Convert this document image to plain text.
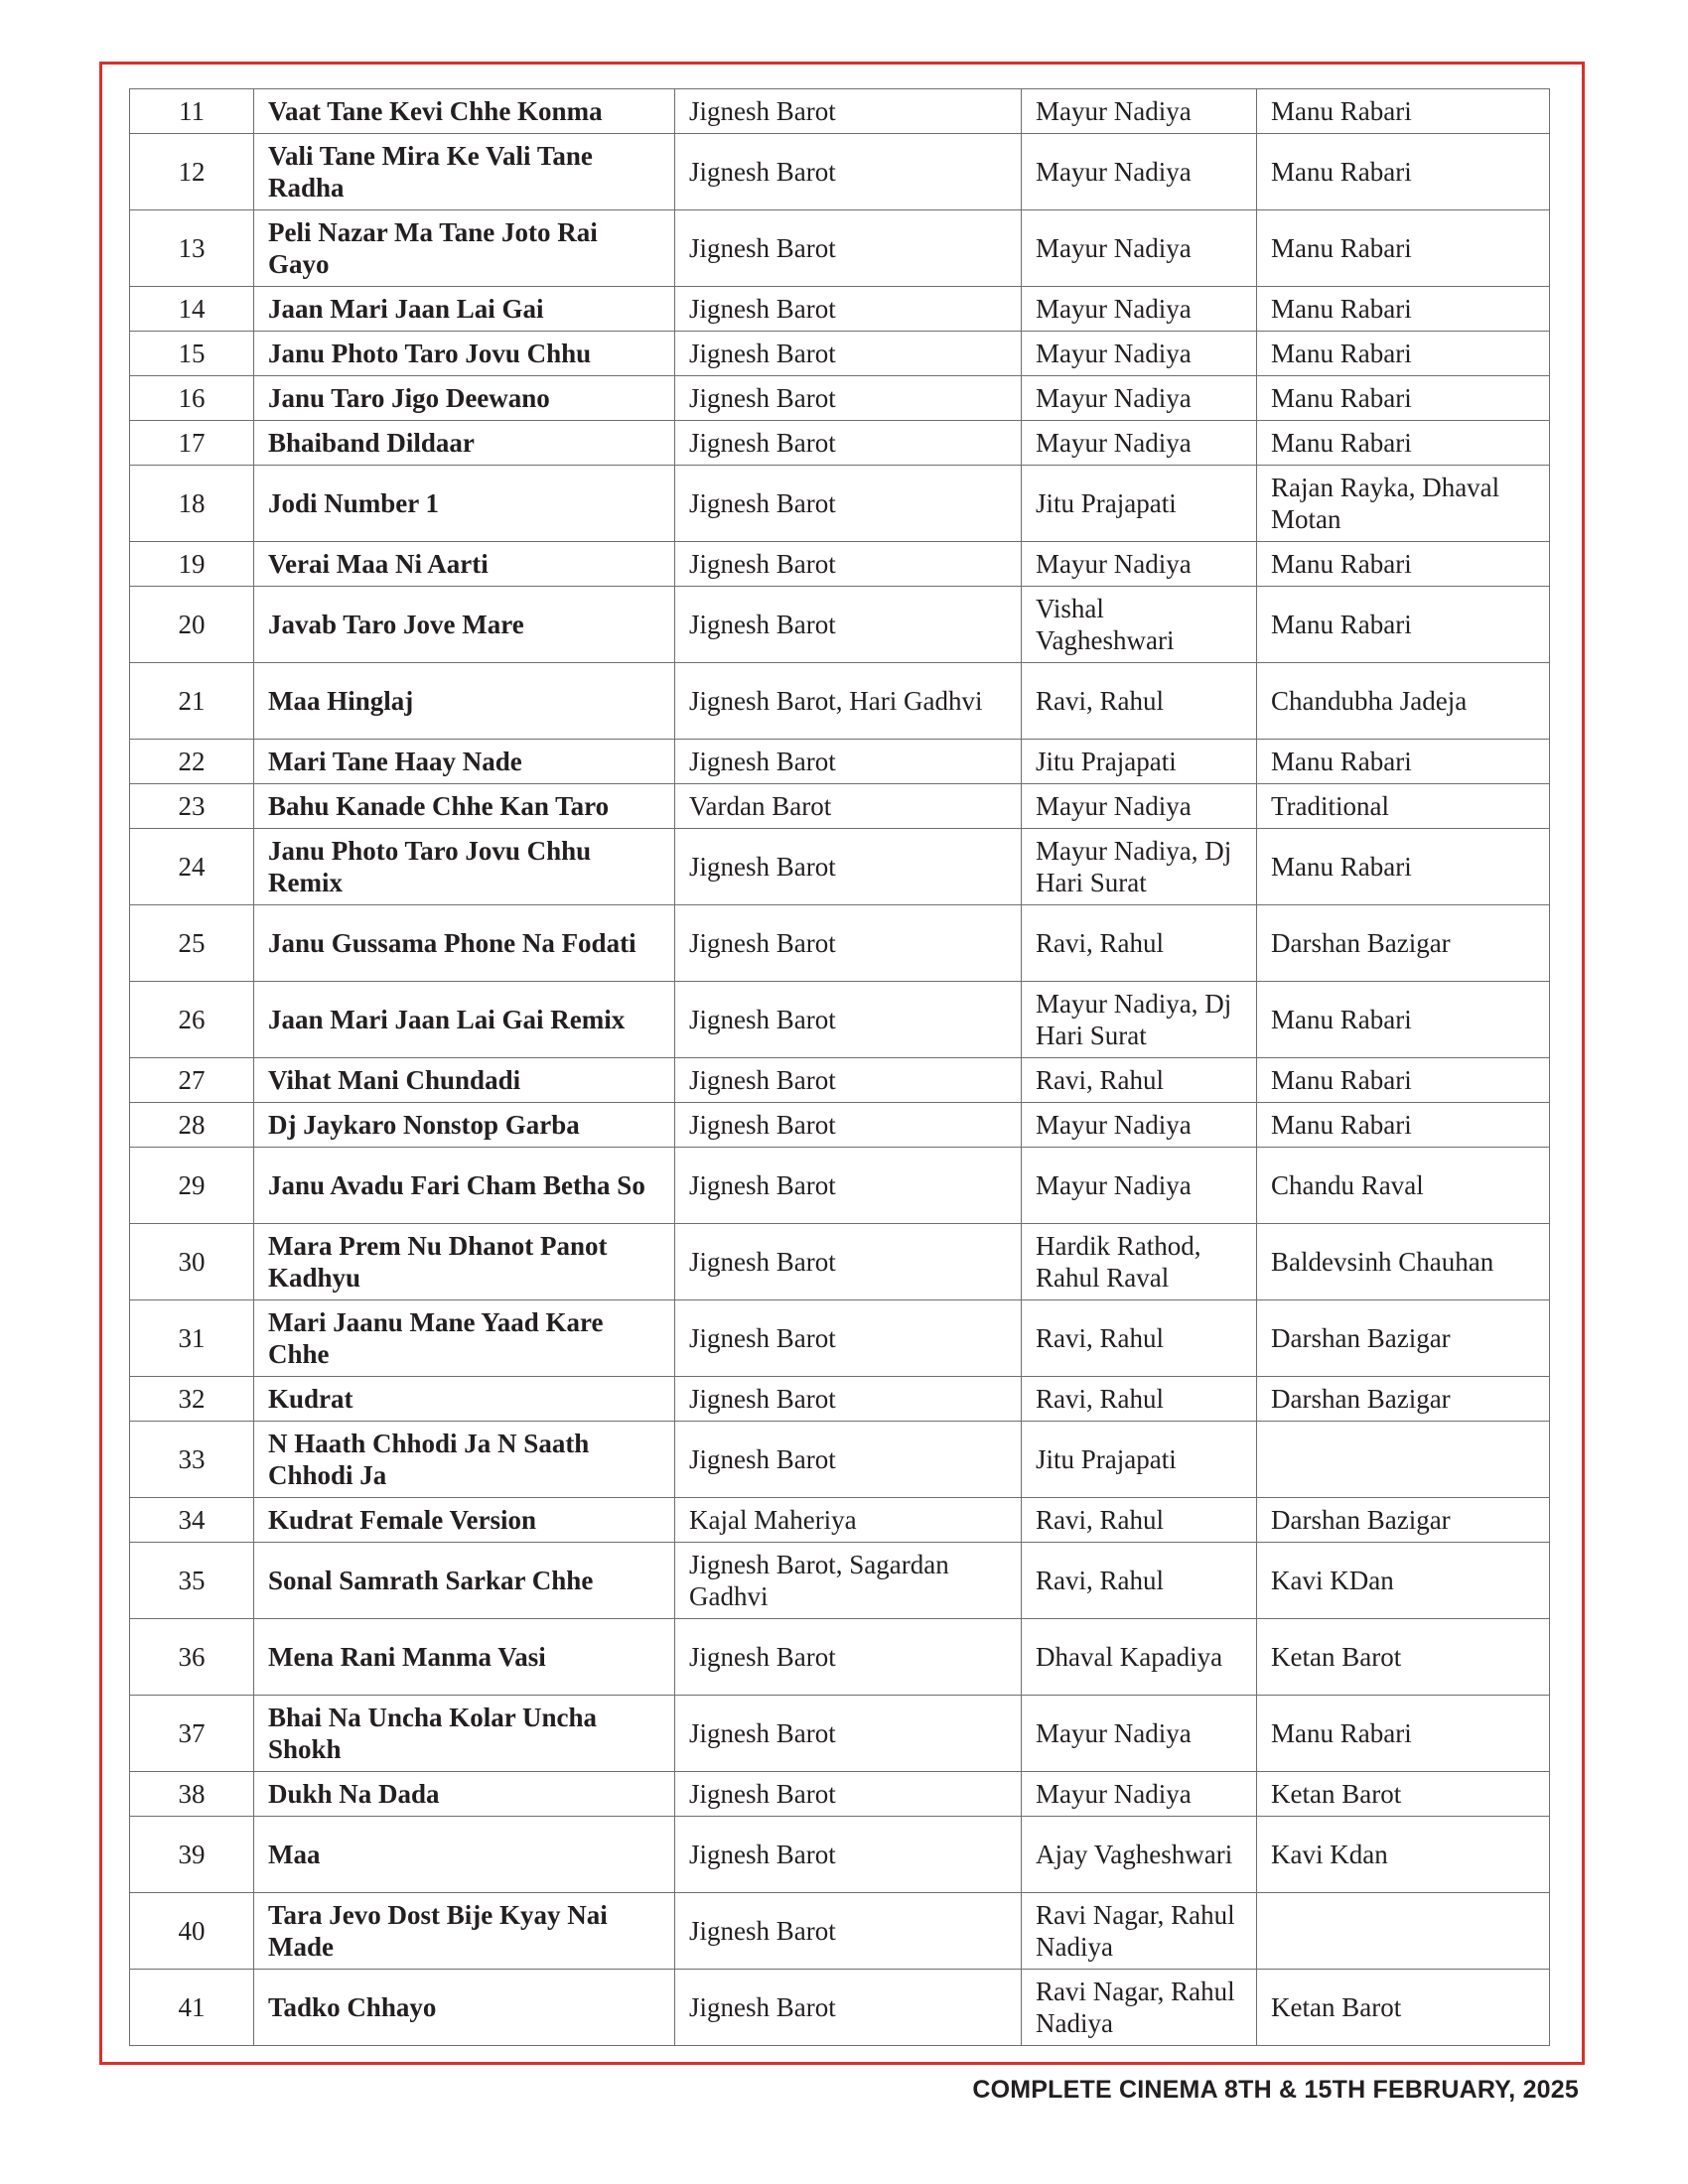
11	Vaat Tane Kevi Chhe Konma	Jignesh Barot	Mayur Nadiya	Manu Rabari
12	Vali Tane Mira Ke Vali Tane Radha	Jignesh Barot	Mayur Nadiya	Manu Rabari
13	Peli Nazar Ma Tane Joto Rai Gayo	Jignesh Barot	Mayur Nadiya	Manu Rabari
14	Jaan Mari Jaan Lai Gai	Jignesh Barot	Mayur Nadiya	Manu Rabari
15	Janu Photo Taro Jovu Chhu	Jignesh Barot	Mayur Nadiya	Manu Rabari
16	Janu Taro Jigo Deewano	Jignesh Barot	Mayur Nadiya	Manu Rabari
17	Bhaiband Dildaar	Jignesh Barot	Mayur Nadiya	Manu Rabari
18	Jodi Number 1	Jignesh Barot	Jitu Prajapati	Rajan Rayka, Dhaval Motan
19	Verai Maa Ni Aarti	Jignesh Barot	Mayur Nadiya	Manu Rabari
20	Javab Taro Jove Mare	Jignesh Barot	Vishal Vagheshwari	Manu Rabari
21	Maa Hinglaj	Jignesh Barot, Hari Gadhvi	Ravi, Rahul	Chandubha Jadeja
22	Mari Tane Haay Nade	Jignesh Barot	Jitu Prajapati	Manu Rabari
23	Bahu Kanade Chhe Kan Taro	Vardan Barot	Mayur Nadiya	Traditional
24	Janu Photo Taro Jovu Chhu Remix	Jignesh Barot	Mayur Nadiya, Dj Hari Surat	Manu Rabari
25	Janu Gussama Phone Na Fodati	Jignesh Barot	Ravi, Rahul	Darshan Bazigar
26	Jaan Mari Jaan Lai Gai Remix	Jignesh Barot	Mayur Nadiya, Dj Hari Surat	Manu Rabari
27	Vihat Mani Chundadi	Jignesh Barot	Ravi, Rahul	Manu Rabari
28	Dj Jaykaro Nonstop Garba	Jignesh Barot	Mayur Nadiya	Manu Rabari
29	Janu Avadu Fari Cham Betha So	Jignesh Barot	Mayur Nadiya	Chandu Raval
30	Mara Prem Nu Dhanot Panot Kadhyu	Jignesh Barot	Hardik Rathod, Rahul Raval	Baldevsinh Chauhan
31	Mari Jaanu Mane Yaad Kare Chhe	Jignesh Barot	Ravi, Rahul	Darshan Bazigar
32	Kudrat	Jignesh Barot	Ravi, Rahul	Darshan Bazigar
33	N Haath Chhodi Ja N Saath Chhodi Ja	Jignesh Barot	Jitu Prajapati	
34	Kudrat Female Version	Kajal Maheriya	Ravi, Rahul	Darshan Bazigar
35	Sonal Samrath Sarkar Chhe	Jignesh Barot, Sagardan Gadhvi	Ravi, Rahul	Kavi KDan
36	Mena Rani Manma Vasi	Jignesh Barot	Dhaval Kapadiya	Ketan Barot
37	Bhai Na Uncha Kolar Uncha Shokh	Jignesh Barot	Mayur Nadiya	Manu Rabari
38	Dukh Na Dada	Jignesh Barot	Mayur Nadiya	Ketan Barot
39	Maa	Jignesh Barot	Ajay Vagheshwari	Kavi Kdan
40	Tara Jevo Dost Bije Kyay Nai Made	Jignesh Barot	Ravi Nagar, Rahul Nadiya	
41	Tadko Chhayo	Jignesh Barot	Ravi Nagar, Rahul Nadiya	Ketan Barot
COMPLETE CINEMA 8TH & 15TH FEBRUARY, 2025
